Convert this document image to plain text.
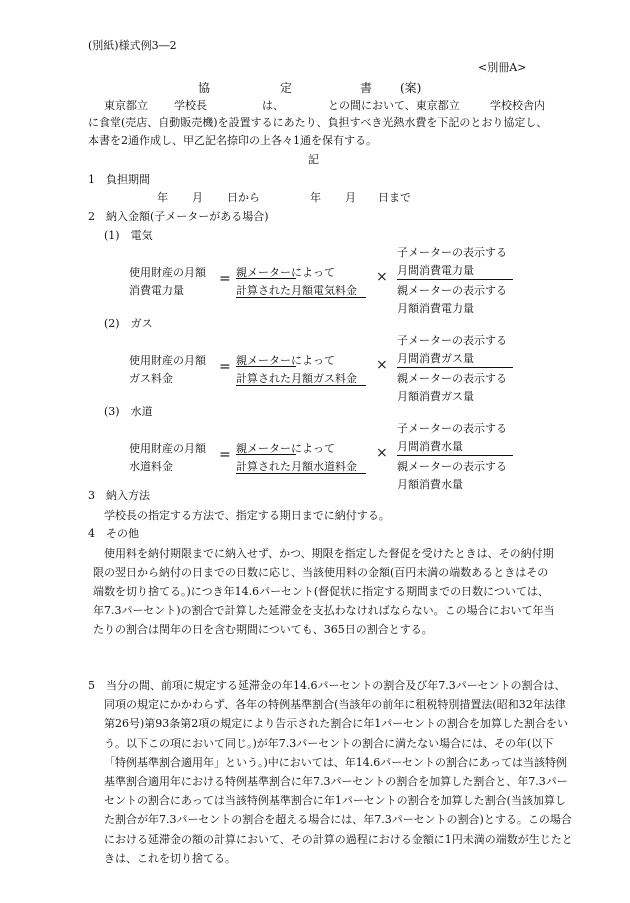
(別紙)様式例3―2
<別冊A>
協	定	書 (案)
東京都立 学校長	は、	との間において、東京都立	学校校舎内
に食堂(売店、自動販売機)を設置するにあたり、負担すべき光熱水費を下記のとおり協定し、本書を2通作成し、甲乙記名捺印の上各々1通を保有する。
記
1　負担期間
年 月 日から	年 月 日まで
2　納入金額(子メーターがある場合)
(1)　電気
使用財産の月額
消費電力量
= 親メーターによって
計算された月額電気料金
×
子メーターの表示する
月間消費電力量
親メーターの表示する
月額消費電力量
(2)　ガス
使用財産の月額
ガス料金
= 親メーターによって
計算された月額ガス料金
×
子メーターの表示する
月間消費ガス量
親メーターの表示する
月額消費ガス量
(3)　水道
使用財産の月額
水道料金
= 親メーターによって
計算された月額水道料金
×
子メーターの表示する
月間消費水量
親メーターの表示する
月額消費水量
3　納入方法
学校長の指定する方法で、指定する期日までに納付する。
4　その他
使用料を納付期限までに納入せず、かつ、期限を指定した督促を受けたときは、その納付期限の翌日から納付の日までの日数に応じ、当該使用料の金額(百円未満の端数あるときはその端数を切り捨てる。)につき年14.6パーセント(督促状に指定する期間までの日数については、年7.3パーセント)の割合で計算した延滞金を支払わなければならない。この場合において年当たりの割合は閏年の日を含む期間についても、365日の割合とする。
5　当分の間、前項に規定する延滞金の年14.6パーセントの割合及び年7.3パーセントの割合は、同項の規定にかかわらず、各年の特例基準割合(当該年の前年に租税特別措置法(昭和32年法律第26号)第93条第2項の規定により告示された割合に年1パーセントの割合を加算した割合をいう。以下この項において同じ。)が年7.3パーセントの割合に満たない場合には、その年(以下「特例基準割合適用年」という。)中においては、年14.6パーセントの割合にあっては当該特例基準割合適用年における特例基準割合に年7.3パーセントの割合を加算した割合と、年7.3パーセントの割合にあっては当該特例基準割合に年1パーセントの割合を加算した割合(当該加算した割合が年7.3パーセントの割合を超える場合には、年7.3パーセントの割合)とする。この場合における延滞金の額の計算において、その計算の過程における金額に1円未満の端数が生じたときは、これを切り捨てる。
